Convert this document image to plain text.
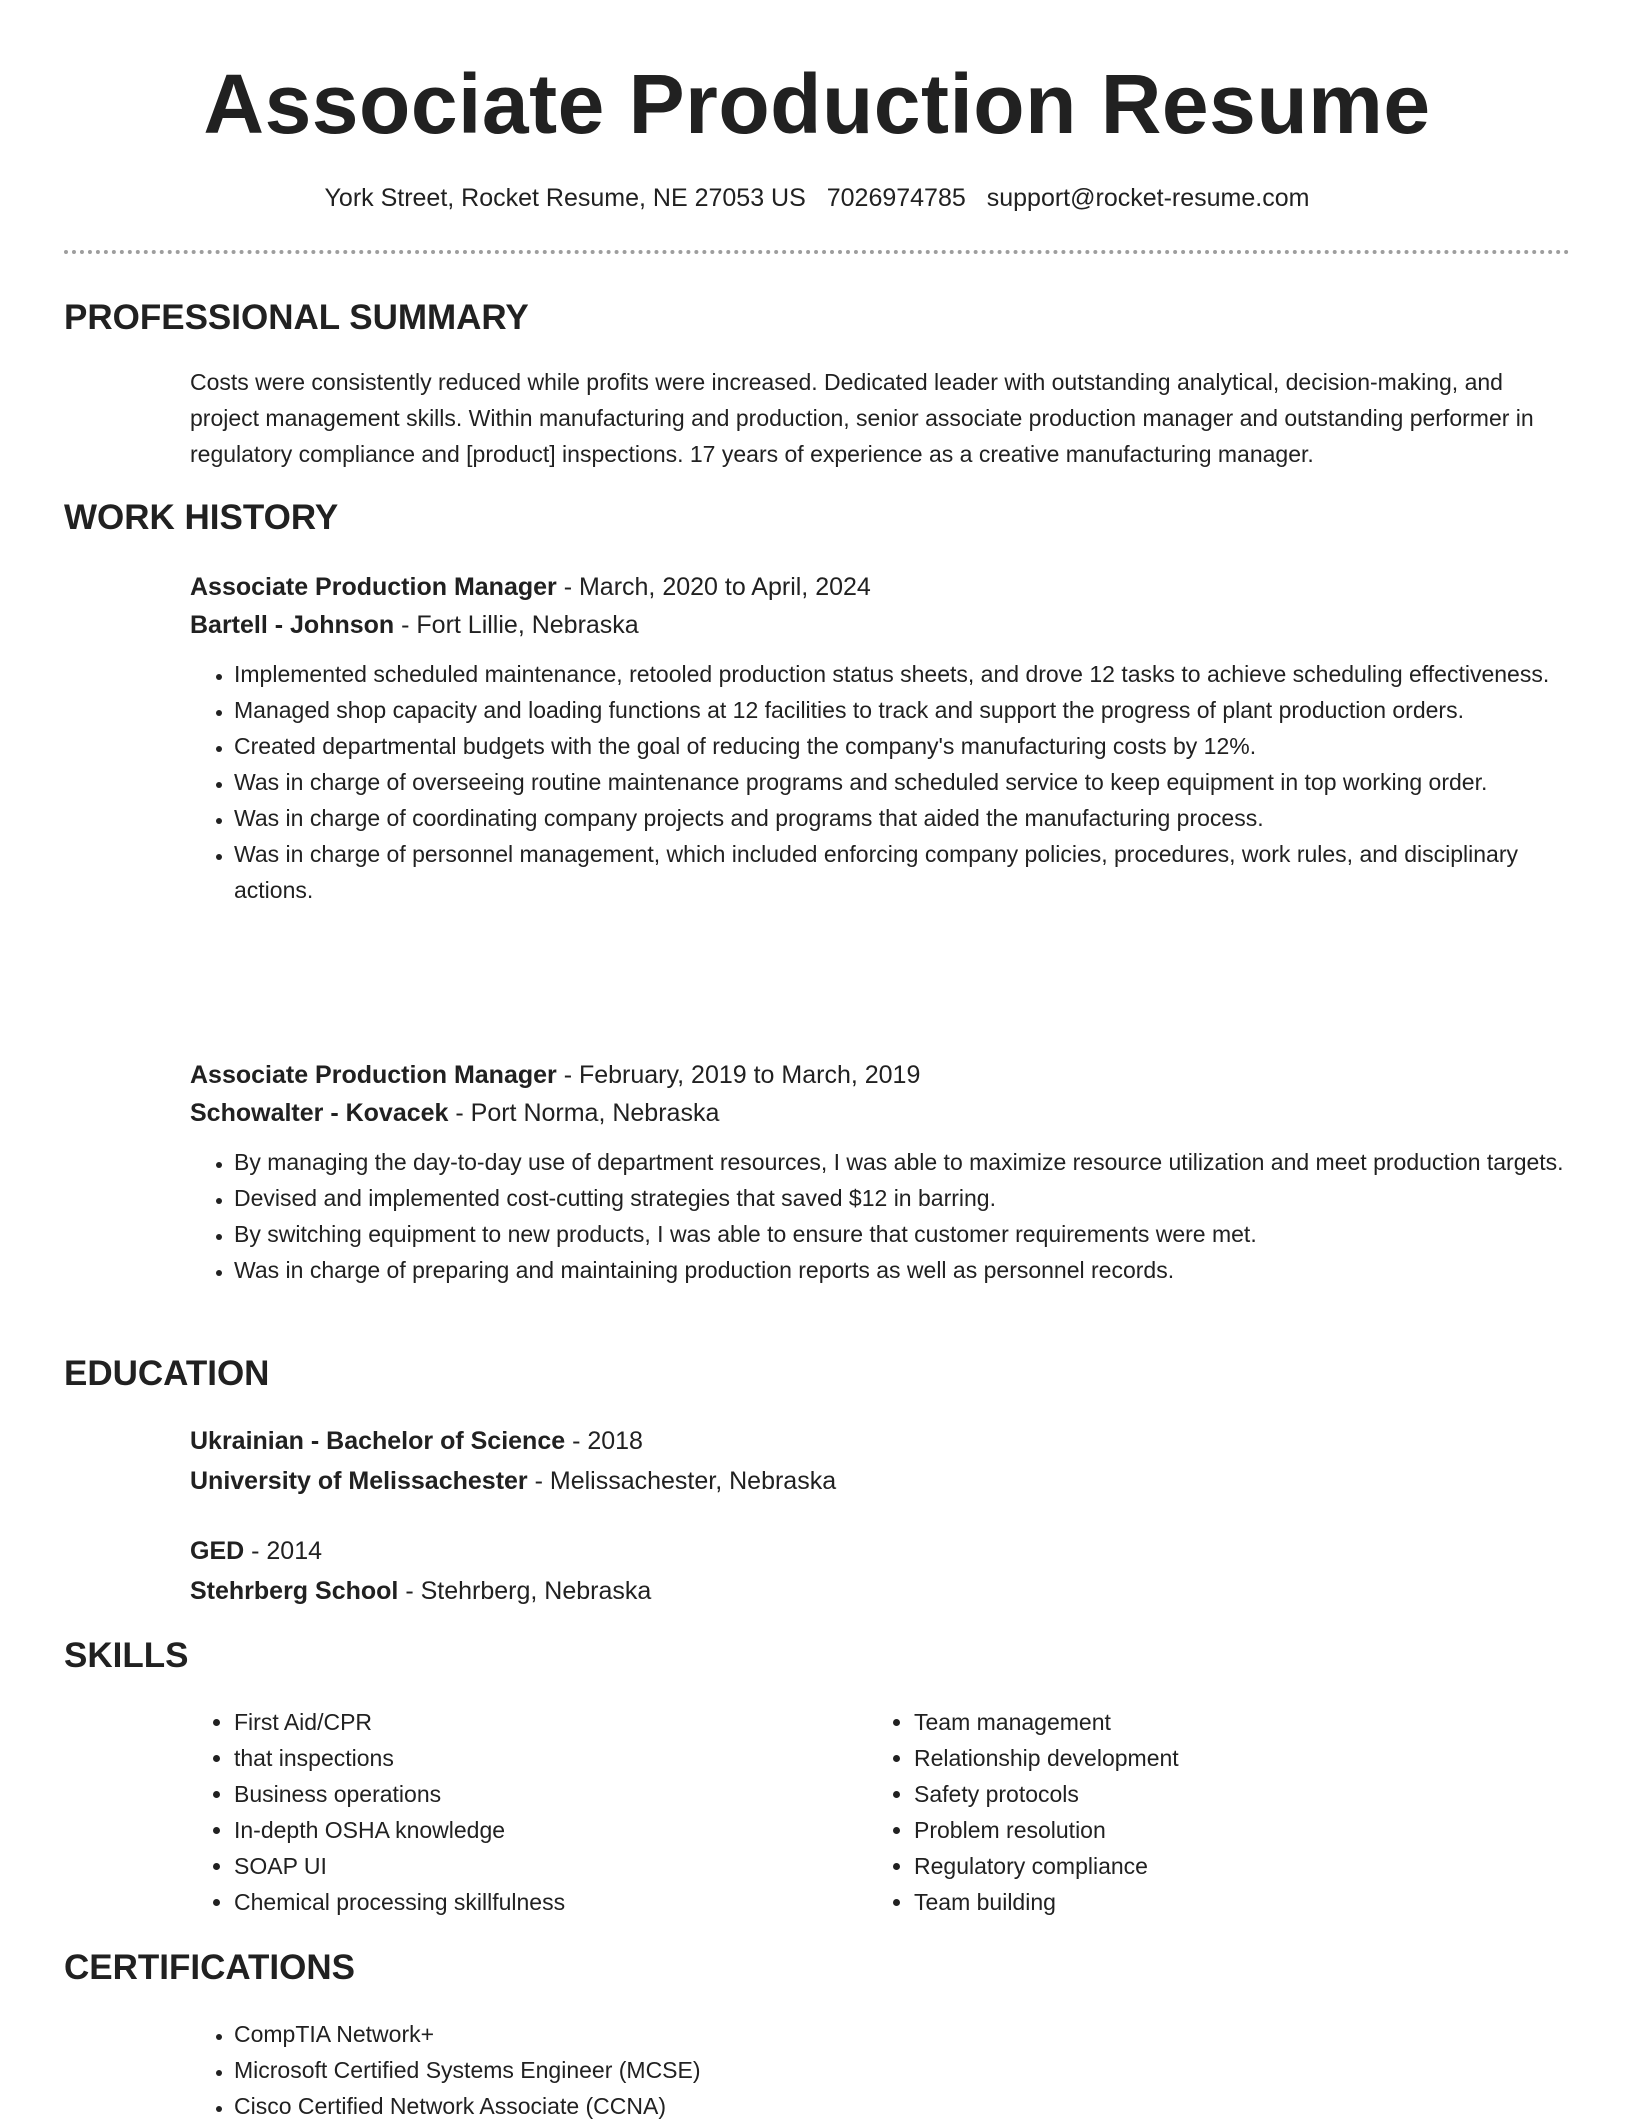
Associate Production Resume
York Street, Rocket Resume, NE 27053 US 7026974785 support@rocket-resume.com
PROFESSIONAL SUMMARY

Costs were consistently reduced while profits were increased. Dedicated leader with outstanding analytical, decision-making, and project management skills. Within manufacturing and production, senior associate production manager and outstanding performer in regulatory compliance and [product] inspections. 17 years of experience as a creative manufacturing manager.

WORK HISTORY
Associate Production Manager - March, 2020 to April, 2024
Bartell - Johnson - Fort Lillie, Nebraska
• Implemented scheduled maintenance, retooled production status sheets, and drove 12 tasks to achieve scheduling effectiveness.
• Managed shop capacity and loading functions at 12 facilities to track and support the progress of plant production orders.
• Created departmental budgets with the goal of reducing the company's manufacturing costs by 12%.
• Was in charge of overseeing routine maintenance programs and scheduled service to keep equipment in top working order.
• Was in charge of coordinating company projects and programs that aided the manufacturing process.
• Was in charge of personnel management, which included enforcing company policies, procedures, work rules, and disciplinary actions.
Associate Production Manager - February, 2019 to March, 2019
Schowalter - Kovacek - Port Norma, Nebraska
• By managing the day-to-day use of department resources, I was able to maximize resource utilization and meet production targets.
• Devised and implemented cost-cutting strategies that saved $12 in barring.
• By switching equipment to new products, I was able to ensure that customer requirements were met.
• Was in charge of preparing and maintaining production reports as well as personnel records.
EDUCATION
Ukrainian - Bachelor of Science - 2018
University of Melissachester - Melissachester, Nebraska
GED - 2014
Stehrberg School - Stehrberg, Nebraska
SKILLS
• First Aid/CPR
• that inspections
• Business operations
• In-depth OSHA knowledge
• SOAP UI
• Chemical processing skillfulness
• Team management
• Relationship development
• Safety protocols
• Problem resolution
• Regulatory compliance
• Team building
CERTIFICATIONS
• CompTIA Network+
• Microsoft Certified Systems Engineer (MCSE)
• Cisco Certified Network Associate (CCNA)
